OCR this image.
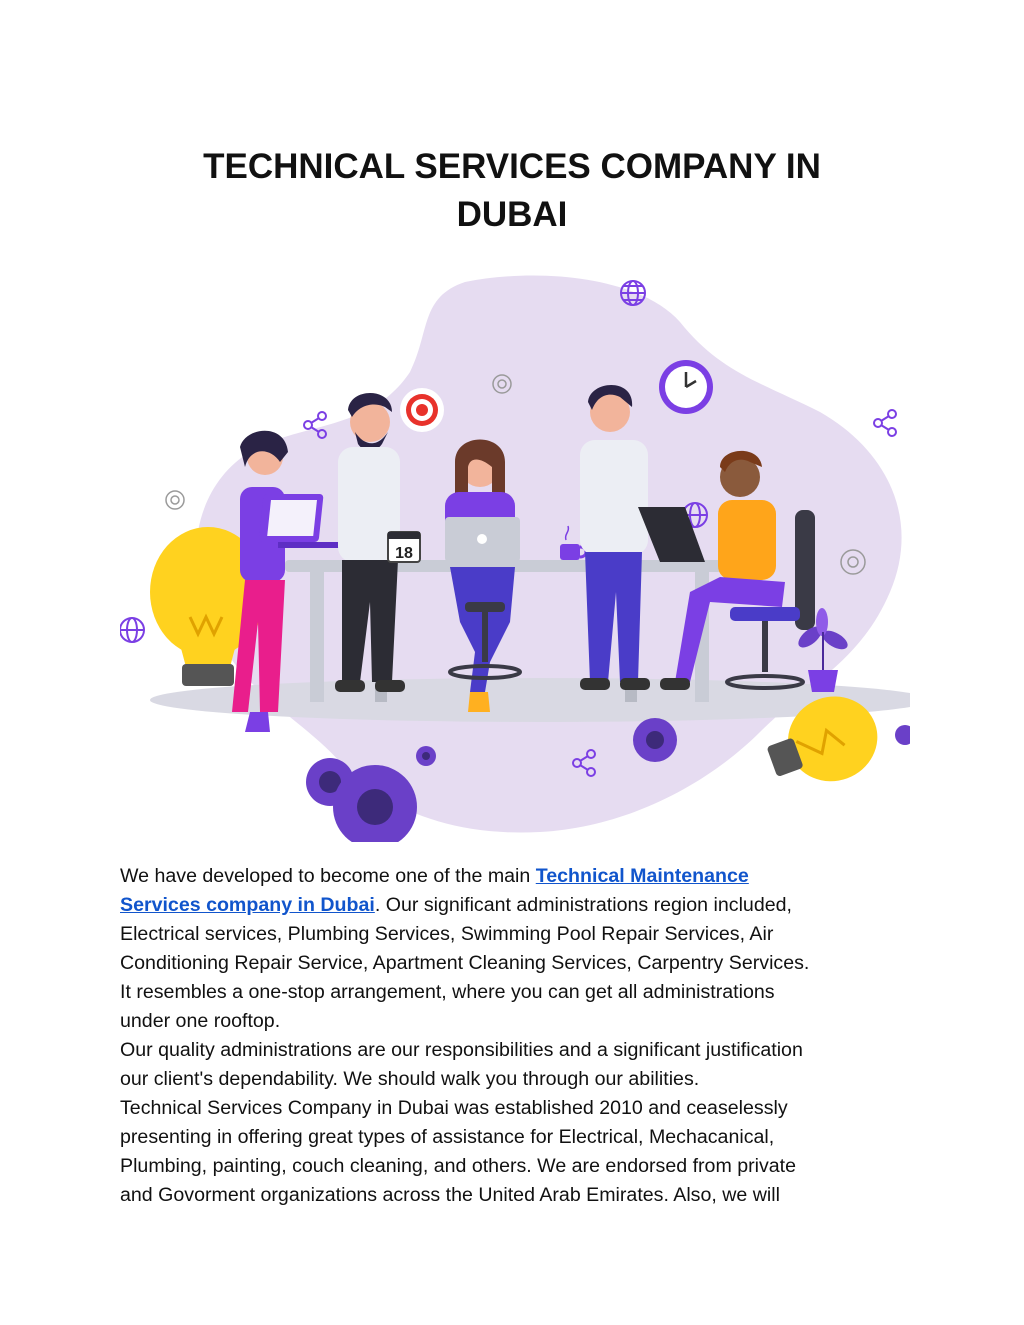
TECHNICAL SERVICES COMPANY IN
DUBAI
18

We have developed to become one of the main Technical Maintenance

Services company in Dubai. Our significant administrations region included,

Electrical services, Plumbing Services, Swimming Pool Repair Services, Air

Conditioning Repair Service, Apartment Cleaning Services, Carpentry Services.

It resembles a one-stop arrangement, where you can get all administrations

under one rooftop.

Our quality administrations are our responsibilities and a significant justification

our client's dependability. We should walk you through our abilities.

Technical Services Company in Dubai was established 2010 and ceaselessly

presenting in offering great types of assistance for Electrical, Mechacanical,

Plumbing, painting, couch cleaning, and others. We are endorsed from private

and Govorment organizations across the United Arab Emirates. Also, we will
